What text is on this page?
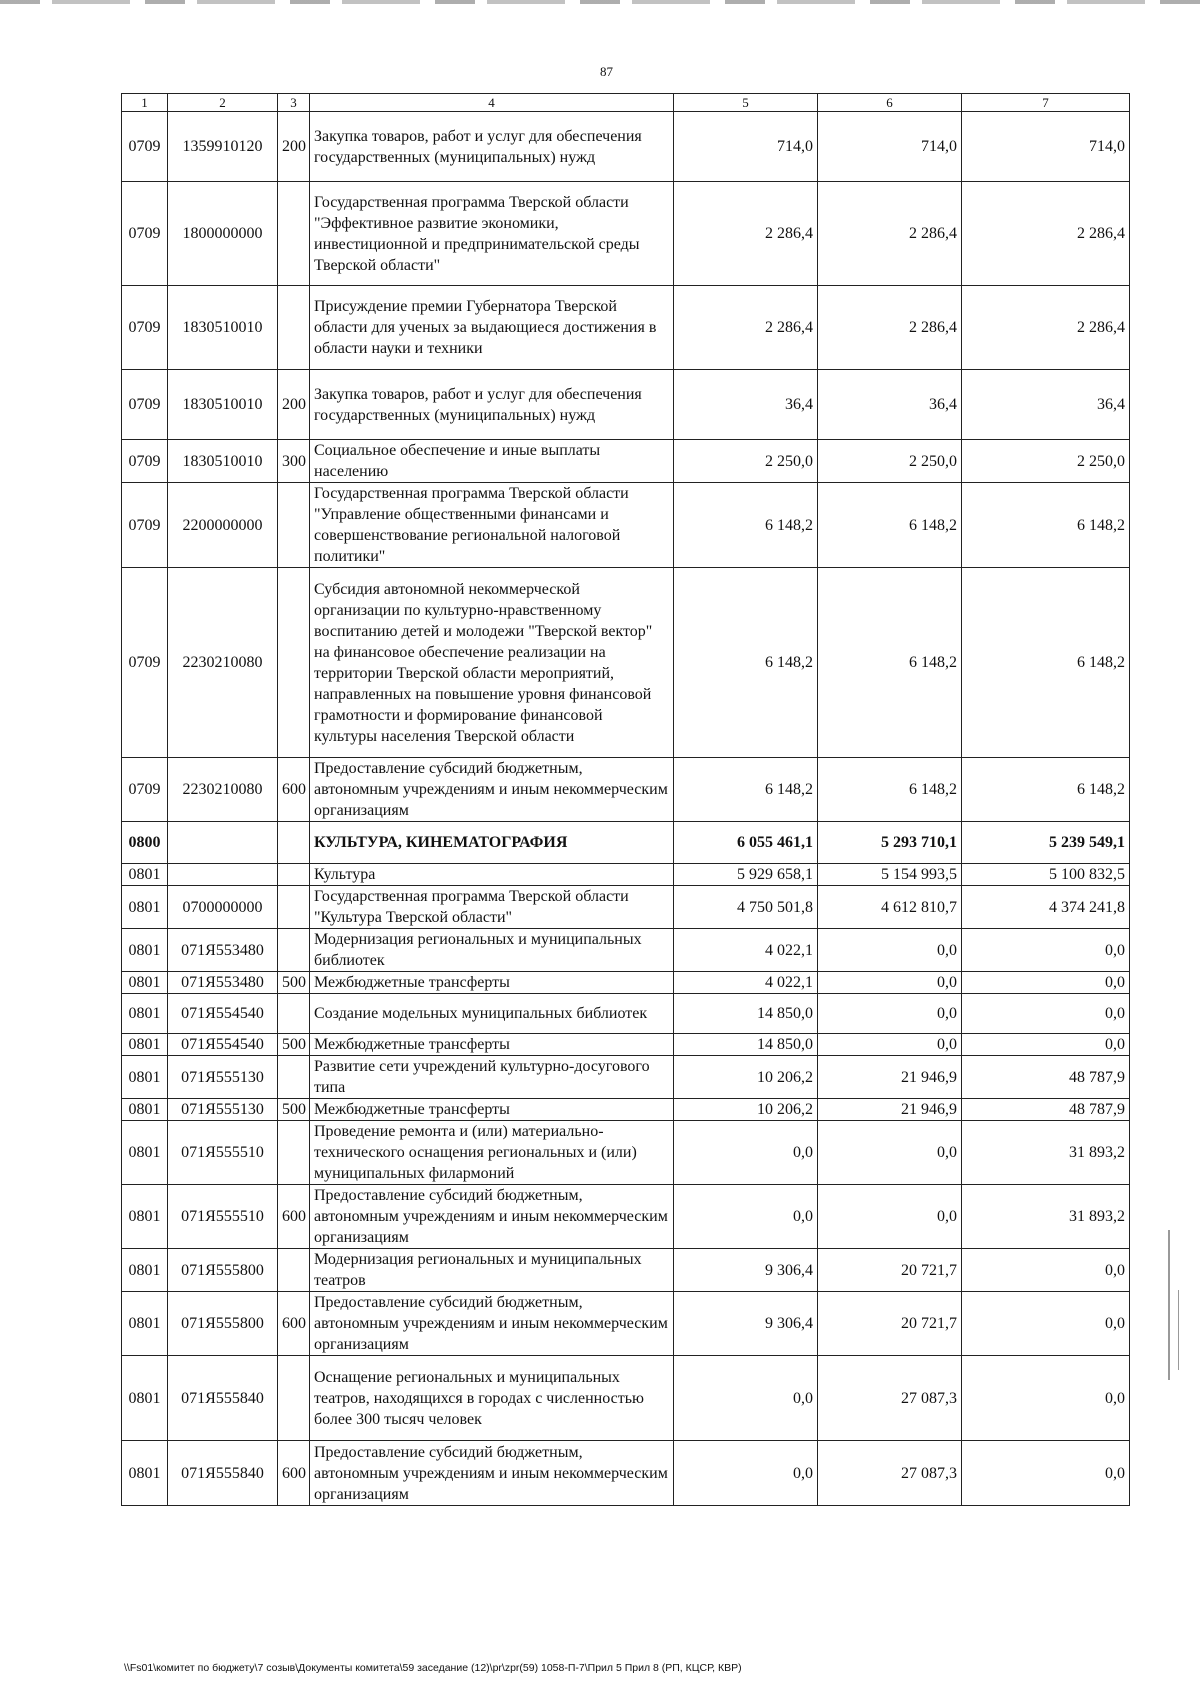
87
1	2	3	4	5	6	7
0709	1359910120	200	Закупка товаров, работ и услуг для обеспечения государственных (муниципальных) нужд	714,0	714,0	714,0
0709	1800000000		Государственная программа Тверской области "Эффективное развитие экономики, инвестиционной и предпринимательской среды Тверской области"	2 286,4	2 286,4	2 286,4
0709	1830510010		Присуждение премии Губернатора Тверской области для ученых за выдающиеся достижения в области науки и техники	2 286,4	2 286,4	2 286,4
0709	1830510010	200	Закупка товаров, работ и услуг для обеспечения государственных (муниципальных) нужд	36,4	36,4	36,4
0709	1830510010	300	Социальное обеспечение и иные выплаты населению	2 250,0	2 250,0	2 250,0
0709	2200000000		Государственная программа Тверской области "Управление общественными финансами и совершенствование региональной налоговой политики"	6 148,2	6 148,2	6 148,2
0709	2230210080		Субсидия автономной некоммерческой организации по культурно-нравственному воспитанию детей и молодежи "Тверской вектор" на финансовое обеспечение реализации на территории Тверской области мероприятий, направленных на повышение уровня финансовой грамотности и формирование финансовой культуры населения Тверской области	6 148,2	6 148,2	6 148,2
0709	2230210080	600	Предоставление субсидий бюджетным, автономным учреждениям и иным некоммерческим организациям	6 148,2	6 148,2	6 148,2
0800			КУЛЬТУРА, КИНЕМАТОГРАФИЯ	6 055 461,1	5 293 710,1	5 239 549,1
0801			Культура	5 929 658,1	5 154 993,5	5 100 832,5
0801	0700000000		Государственная программа Тверской области "Культура Тверской области"	4 750 501,8	4 612 810,7	4 374 241,8
0801	071Я553480		Модернизация региональных и муниципальных библиотек	4 022,1	0,0	0,0
0801	071Я553480	500	Межбюджетные трансферты	4 022,1	0,0	0,0
0801	071Я554540		Создание модельных муниципальных библиотек	14 850,0	0,0	0,0
0801	071Я554540	500	Межбюджетные трансферты	14 850,0	0,0	0,0
0801	071Я555130		Развитие сети учреждений культурно-досугового типа	10 206,2	21 946,9	48 787,9
0801	071Я555130	500	Межбюджетные трансферты	10 206,2	21 946,9	48 787,9
0801	071Я555510		Проведение ремонта и (или) материально-технического оснащения региональных и (или) муниципальных филармоний	0,0	0,0	31 893,2
0801	071Я555510	600	Предоставление субсидий бюджетным, автономным учреждениям и иным некоммерческим организациям	0,0	0,0	31 893,2
0801	071Я555800		Модернизация региональных и муниципальных театров	9 306,4	20 721,7	0,0
0801	071Я555800	600	Предоставление субсидий бюджетным, автономным учреждениям и иным некоммерческим организациям	9 306,4	20 721,7	0,0
0801	071Я555840		Оснащение региональных и муниципальных театров, находящихся в городах с численностью более 300 тысяч человек	0,0	27 087,3	0,0
0801	071Я555840	600	Предоставление субсидий бюджетным, автономным учреждениям и иным некоммерческим организациям	0,0	27 087,3	0,0
\\Fs01\комитет по бюджету\7 созыв\Документы комитета\59 заседание (12)\pr\zpr(59) 1058-П-7\Прил 5 Прил 8 (РП, КЦСР, КВР)
